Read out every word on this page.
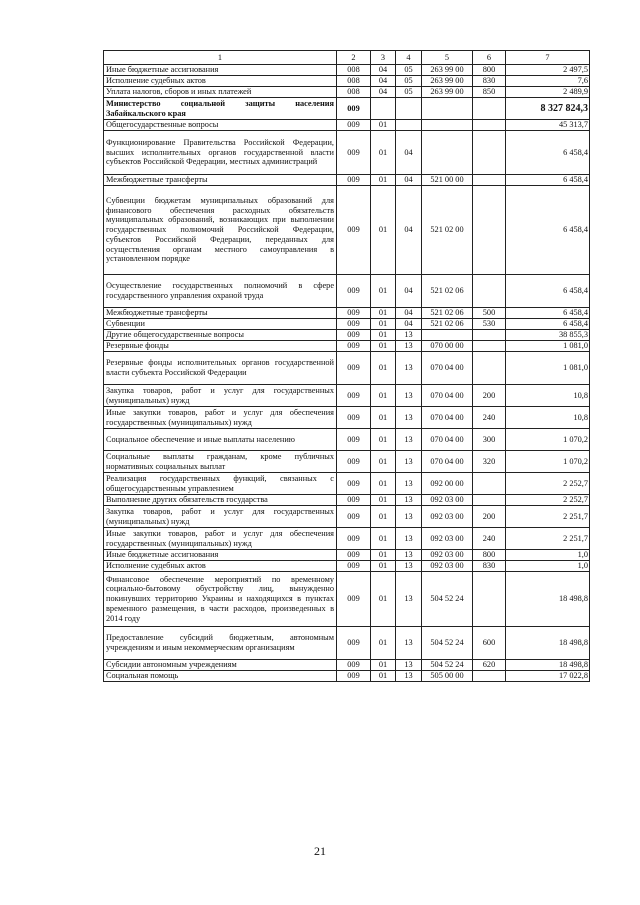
1	2	3	4	5	6	7
Иные бюджетные ассигнования	008	04	05	263 99 00	800	2 497,5
Исполнение судебных актов	008	04	05	263 99 00	830	7,6
Уплата налогов, сборов и иных платежей	008	04	05	263 99 00	850	2 489,9
Министерство социальной защиты населения Забайкальского края	009					8 327 824,3
Общегосударственные вопросы	009	01				45 313,7
Функционирование Правительства Российской Федерации, высших исполнительных органов государственной власти субъектов Российской Федерации, местных администраций	009	01	04			6 458,4
Межбюджетные трансферты	009	01	04	521 00 00		6 458,4
Субвенции бюджетам муниципальных образований для финансового обеспечения расходных обязательств муниципальных образований, возникающих при выполнении государственных полномочий Российской Федерации, субъектов Российской Федерации, переданных для осуществления органам местного самоуправления в установленном порядке	009	01	04	521 02 00		6 458,4
Осуществление государственных полномочий в сфере государственного управления охраной труда	009	01	04	521 02 06		6 458,4
Межбюджетные трансферты	009	01	04	521 02 06	500	6 458,4
Субвенции	009	01	04	521 02 06	530	6 458,4
Другие общегосударственные вопросы	009	01	13			38 855,3
Резервные фонды	009	01	13	070 00 00		1 081,0
Резервные фонды исполнительных органов государственной власти субъекта Российской Федерации	009	01	13	070 04 00		1 081,0
Закупка товаров, работ и услуг для государственных (муниципальных) нужд	009	01	13	070 04 00	200	10,8
Иные закупки товаров, работ и услуг для обеспечения государственных (муниципальных) нужд	009	01	13	070 04 00	240	10,8
Социальное обеспечение и иные выплаты населению	009	01	13	070 04 00	300	1 070,2
Социальные выплаты гражданам, кроме публичных нормативных социальных выплат	009	01	13	070 04 00	320	1 070,2
Реализация государственных функций, связанных с общегосударственным управлением	009	01	13	092 00 00		2 252,7
Выполнение других обязательств государства	009	01	13	092 03 00		2 252,7
Закупка товаров, работ и услуг для государственных (муниципальных) нужд	009	01	13	092 03 00	200	2 251,7
Иные закупки товаров, работ и услуг для обеспечения государственных (муниципальных) нужд	009	01	13	092 03 00	240	2 251,7
Иные бюджетные ассигнования	009	01	13	092 03 00	800	1,0
Исполнение судебных актов	009	01	13	092 03 00	830	1,0
Финансовое обеспечение мероприятий по временному социально-бытовому обустройству лиц, вынужденно покинувших территорию Украины и находящихся в пунктах временного размещения, в части расходов, произведенных в 2014 году	009	01	13	504 52 24		18 498,8
Предоставление субсидий бюджетным, автономным учреждениям и иным некоммерческим организациям	009	01	13	504 52 24	600	18 498,8
Субсидии автономным учреждениям	009	01	13	504 52 24	620	18 498,8
Социальная помощь	009	01	13	505 00 00		17 022,8
21
